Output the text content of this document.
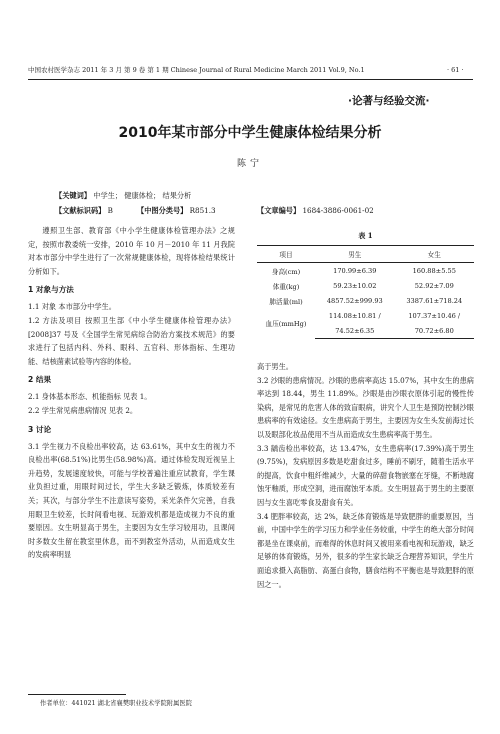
中国农村医学杂志 2011 年 3 月 第 9 卷 第 1 期 Chinese Journal of Rural Medicine March 2011 Vol.9, No.1	· 61 ·
·论著与经验交流·
2010年某市部分中学生健康体检结果分析
陈宁
【关键词】 中学生； 健康体检； 结果分析
【文献标识码】 B	【中图分类号】 R851.3	【文章编号】 1684-3886-0061-02

遵照卫生部、教育部《中小学生健康体检管理办法》之规定，按照市教委统一安排，2010 年 10 月－2010 年 11 月我院对本市部分中学生进行了一次常规健康体检，现将体检结果统计分析如下。

1 对象与方法

1.1 对象 本市部分中学生。

1.2 方法及项目 按照卫生部《中小学生健康体检管理办法》[2008]37 号及《全国学生常见病综合防治方案技术规范》的要求进行了包括内科、外科、眼科、五官科、形体指标、生理功能、结核菌素试验等内容的体检。

2 结果

2.1 身体基本形态、机能指标 见表 1。

2.2 学生常见病患病情况 见表 2。

3 讨论

3.1 学生视力不良检出率较高，达 63.61%，其中女生的视力不良检出率(68.51%)比男生(58.98%)高。通过体检发现近视呈上升趋势，发展速度较快，可能与学校普遍注重应试教育，学生课业负担过重，用眼时间过长，学生大多缺乏锻炼，体质较差有关；其次，与部分学生不注意读写姿势，采光条件欠完善，自我用眼卫生较差，长时间看电视、玩游戏机都是造成视力不良的重要原因。女生明显高于男生，主要因为女生学习较用功，且课间时多数女生留在教室里休息，而不到教室外活动，从而造成女生的发病率明显

表 1
项目	男生	女生
身高(cm)	170.99±6.39	160.88±5.55
体重(kg)	59.23±10.02	52.92±7.09
肺活量(ml)	4857.52±999.93	3387.61±718.24
血压(mmHg)	114.08±10.81 /	107.37±10.46 /
	74.52±6.35	70.72±6.80

高于男生。

3.2 沙眼的患病情况。沙眼的患病率高达 15.07%，其中女生的患病率达到 18.44，男生 11.89%。沙眼是由沙眼衣原体引起的慢性传染病，是常见的危害人体的致盲眼病，讲究个人卫生是预防控制沙眼患病率的有效途径。女生患病高于男生，主要因为女生头发前海过长以及眼部化妆品使用不当从而造成女生患病率高于男生。

3.3 龋齿检出率较高，达 13.47%，女生患病率(17.39%)高于男生(9.75%)，发病原因多数是吃甜食过多，睡前不刷牙，随着生活水平的提高，饮食中粗纤维减少，大量的碎甜食物嵌塞在牙缝，不断地腐蚀牙釉质，形成空洞，进而腐蚀牙本质。女生明显高于男生的主要原因与女生喜吃零食及甜食有关。

3.4 肥胖率较高，达 2%，缺乏体育锻炼是导致肥胖的重要原因，当前，中国中学生的学习压力和学业任务较重，中学生的绝大部分时间都是坐在课桌前，而难得的休息时间又被用来看电视和玩游戏，缺乏足够的体育锻炼，另外，很多的学生家长缺乏合理营养知识，学生片面追求摄入高脂肪、高蛋白食物，膳食结构不平衡也是导致肥胖的原因之一。

作者单位：441021 湖北省襄樊职业技术学院附属医院
